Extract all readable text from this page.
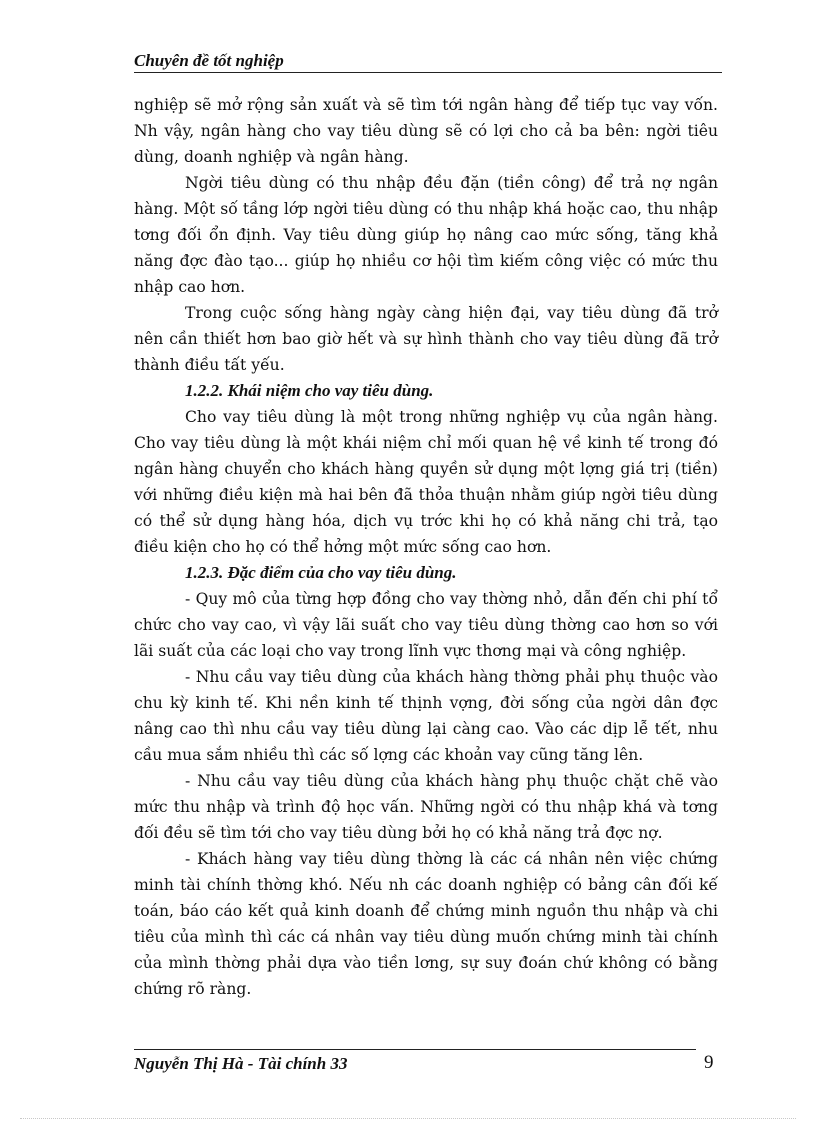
Chuyên đề tốt nghiệp

nghiệp sẽ mở rộng sản xuất và sẽ tìm tới ngân hàng để tiếp tục vay vốn. Nh vậy, ngân hàng cho vay tiêu dùng sẽ có lợi cho cả ba bên: ngời tiêu dùng, doanh nghiệp và ngân hàng.

Ngời tiêu dùng có thu nhập đều đặn (tiền công) để trả nợ ngân hàng. Một số tầng lớp ngời tiêu dùng có thu nhập khá hoặc cao, thu nhập tơng đối ổn định. Vay tiêu dùng giúp họ nâng cao mức sống, tăng khả năng đợc đào tạo... giúp họ nhiều cơ hội tìm kiếm công việc có mức thu nhập cao hơn.

Trong cuộc sống hàng ngày càng hiện đại, vay tiêu dùng đã trở nên cần thiết hơn bao giờ hết và sự hình thành cho vay tiêu dùng đã trở thành điều tất yếu.

1.2.2. Khái niệm cho vay tiêu dùng.

Cho vay tiêu dùng là một trong những nghiệp vụ của ngân hàng. Cho vay tiêu dùng là một khái niệm chỉ mối quan hệ về kinh tế trong đó ngân hàng chuyển cho khách hàng quyền sử dụng một lợng giá trị (tiền) với những điều kiện mà hai bên đã thỏa thuận nhằm giúp ngời tiêu dùng có thể sử dụng hàng hóa, dịch vụ trớc khi họ có khả năng chi trả, tạo điều kiện cho họ có thể hởng một mức sống cao hơn.

1.2.3. Đặc điểm của cho vay tiêu dùng.

- Quy mô của từng hợp đồng cho vay thờng nhỏ, dẫn đến chi phí tổ chức cho vay cao, vì vậy lãi suất cho vay tiêu dùng thờng cao hơn so với lãi suất của các loại cho vay trong lĩnh vực thơng mại và công nghiệp.

- Nhu cầu vay tiêu dùng của khách hàng thờng phải phụ thuộc vào chu kỳ kinh tế. Khi nền kinh tế thịnh vợng, đời sống của ngời dân đợc nâng cao thì nhu cầu vay tiêu dùng lại càng cao. Vào các dịp lễ tết, nhu cầu mua sắm nhiều thì các số lợng các khoản vay cũng tăng lên.

- Nhu cầu vay tiêu dùng của khách hàng phụ thuộc chặt chẽ vào mức thu nhập và trình độ học vấn. Những ngời có thu nhập khá và tơng đối đều sẽ tìm tới cho vay tiêu dùng bởi họ có khả năng trả đợc nợ.

- Khách hàng vay tiêu dùng thờng là các cá nhân nên việc chứng minh tài chính thờng khó. Nếu nh các doanh nghiệp có bảng cân đối kế toán, báo cáo kết quả kinh doanh để chứng minh nguồn thu nhập và chi tiêu của mình thì các cá nhân vay tiêu dùng muốn chứng minh tài chính của mình thờng phải dựa vào tiền lơng, sự suy đoán chứ không có bằng chứng rõ ràng.

Nguyễn Thị Hà - Tài chính 33	9
